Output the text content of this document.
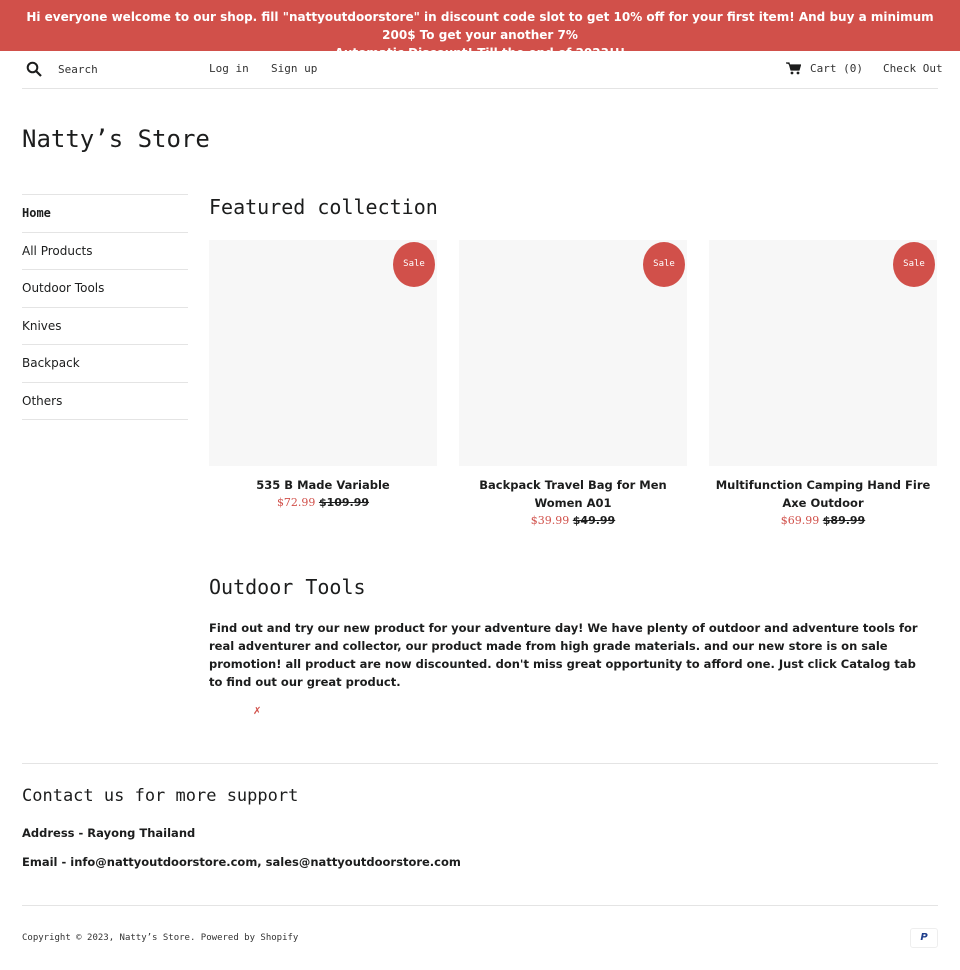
Hi everyone welcome to our shop. fill "nattyoutdoorstore" in discount code slot to get 10% off for your first item! And buy a minimum 200$ To get your another 7%
Automatic Discount! Till the end of 2023!!!
Search
Log in Sign up	Cart (0) Check Out
Natty’s Store
Home
All Products
Outdoor Tools
Knives
Backpack
Others
Featured collection
Sale
535 B Made Variable
$72.99 $109.99
Sale
Backpack Travel Bag for Men Women A01
$39.99 $49.99
Sale
Multifunction Camping Hand Fire Axe Outdoor
$69.99 $89.99
Outdoor Tools
Find out and try our new product for your adventure day! We have plenty of outdoor and adventure tools for real adventurer and collector, our product made from high grade materials. and our new store is on sale promotion! all product are now discounted. don't miss great opportunity to afford one. Just click Catalog tab to find out our great product.
✗
Contact us for more support
Address - Rayong Thailand
Email - info@nattyoutdoorstore.com, sales@nattyoutdoorstore.com
Copyright © 2023, Natty’s Store. Powered by Shopify	P
